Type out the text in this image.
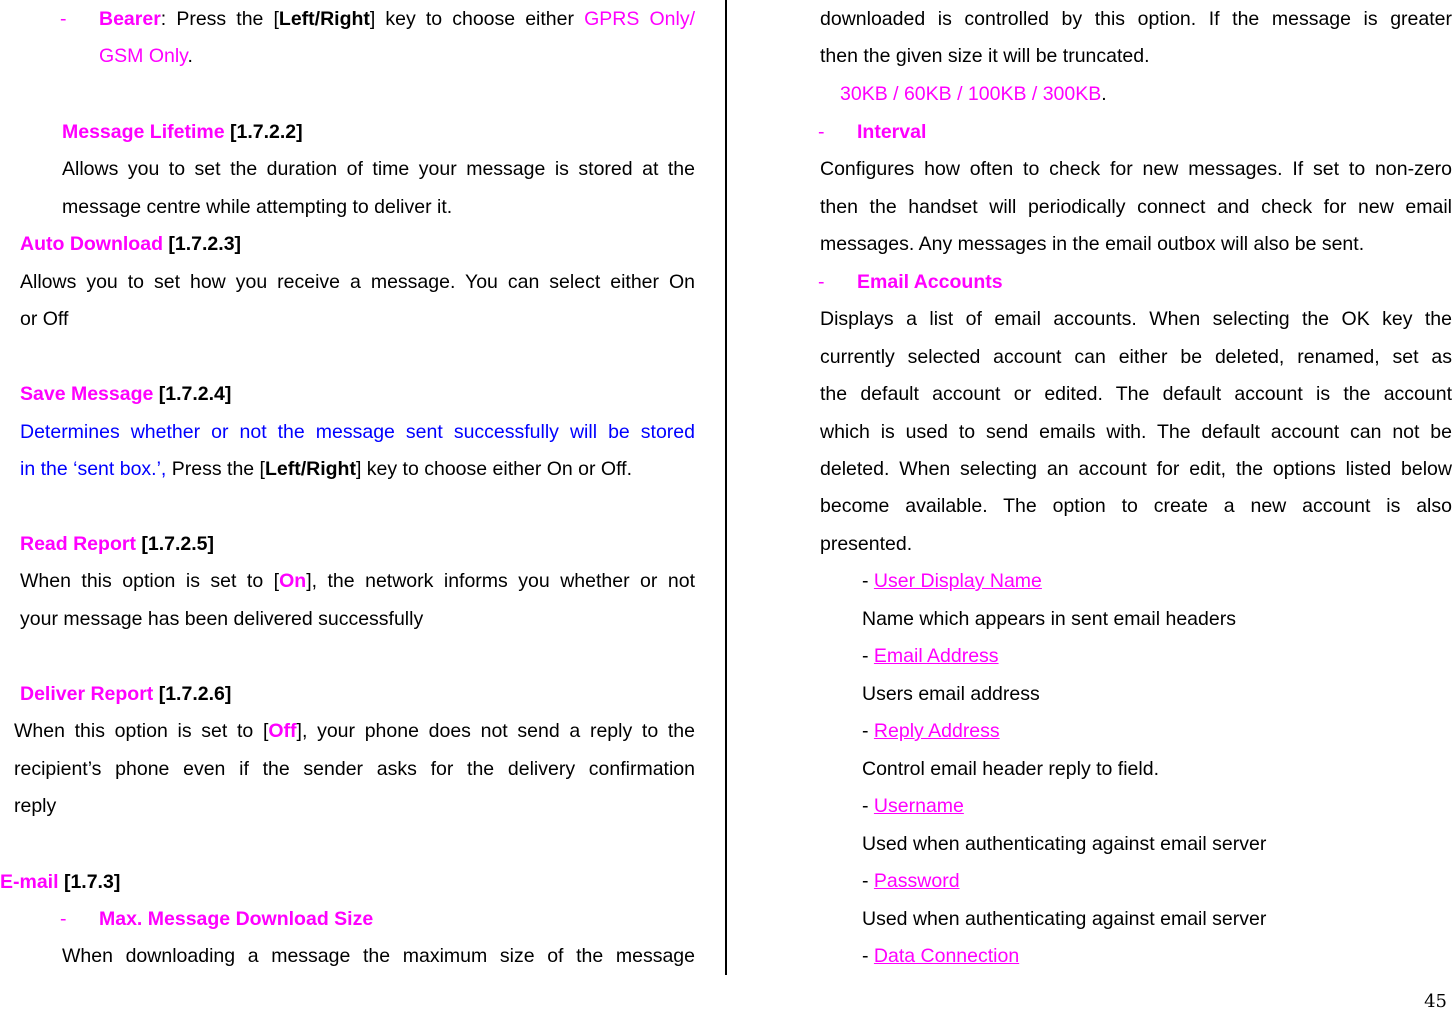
- Bearer: Press the [Left/Right] key to choose either GPRS Only/
GSM Only.
Message Lifetime [1.7.2.2]
Allows you to set the duration of time your message is stored at the
message centre while attempting to deliver it.
Auto Download [1.7.2.3]
Allows you to set how you receive a message. You can select either On
or Off
Save Message [1.7.2.4]
Determines whether or not the message sent successfully will be stored
in the ‘sent box.’, Press the [Left/Right] key to choose either On or Off.
Read Report [1.7.2.5]
When this option is set to [On], the network informs you whether or not
your message has been delivered successfully
Deliver Report [1.7.2.6]
When this option is set to [Off], your phone does not send a reply to the
recipient’s phone even if the sender asks for the delivery confirmation
reply
E-mail [1.7.3]
- Max. Message Download Size
When downloading a message the maximum size of the message
downloaded is controlled by this option. If the message is greater
then the given size it will be truncated.
30KB / 60KB / 100KB / 300KB.
- Interval
Configures how often to check for new messages. If set to non-zero
then the handset will periodically connect and check for new email
messages. Any messages in the email outbox will also be sent.
- Email Accounts
Displays a list of email accounts. When selecting the OK key the
currently selected account can either be deleted, renamed, set as
the default account or edited. The default account is the account
which is used to send emails with. The default account can not be
deleted. When selecting an account for edit, the options listed below
become available. The option to create a new account is also
presented.
- User Display Name
Name which appears in sent email headers
- Email Address
Users email address
- Reply Address
Control email header reply to field.
- Username
Used when authenticating against email server
- Password
Used when authenticating against email server
- Data Connection
45
